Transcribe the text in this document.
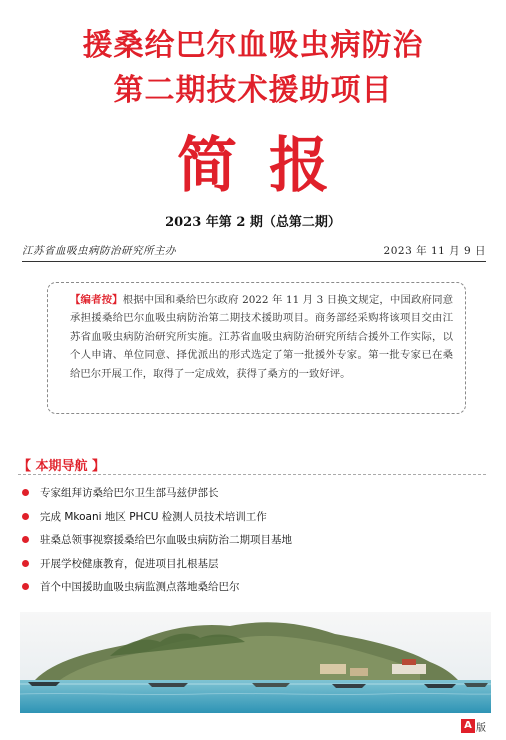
援桑给巴尔血吸虫病防治
第二期技术援助项目
简报
2023 年第 2 期（总第二期）
江苏省血吸虫病防治研究所主办	2023 年 11 月 9 日

【编者按】根据中国和桑给巴尔政府 2022 年 11 月 3 日换文规定，中国政府同意承担援桑给巴尔血吸虫病防治第二期技术援助项目。商务部经采购将该项目交由江苏省血吸虫病防治研究所实施。江苏省血吸虫病防治研究所结合援外工作实际，以个人申请、单位同意、择优派出的形式选定了第一批援外专家。第一批专家已在桑给巴尔开展工作，取得了一定成效，获得了桑方的一致好评。

【 本期导航 】
专家组拜访桑给巴尔卫生部马兹伊部长
完成 Mkoani 地区 PHCU 检测人员技术培训工作
驻桑总领事视察援桑给巴尔血吸虫病防治二期项目基地
开展学校健康教育，促进项目扎根基层
首个中国援助血吸虫病监测点落地桑给巴尔
A 版
